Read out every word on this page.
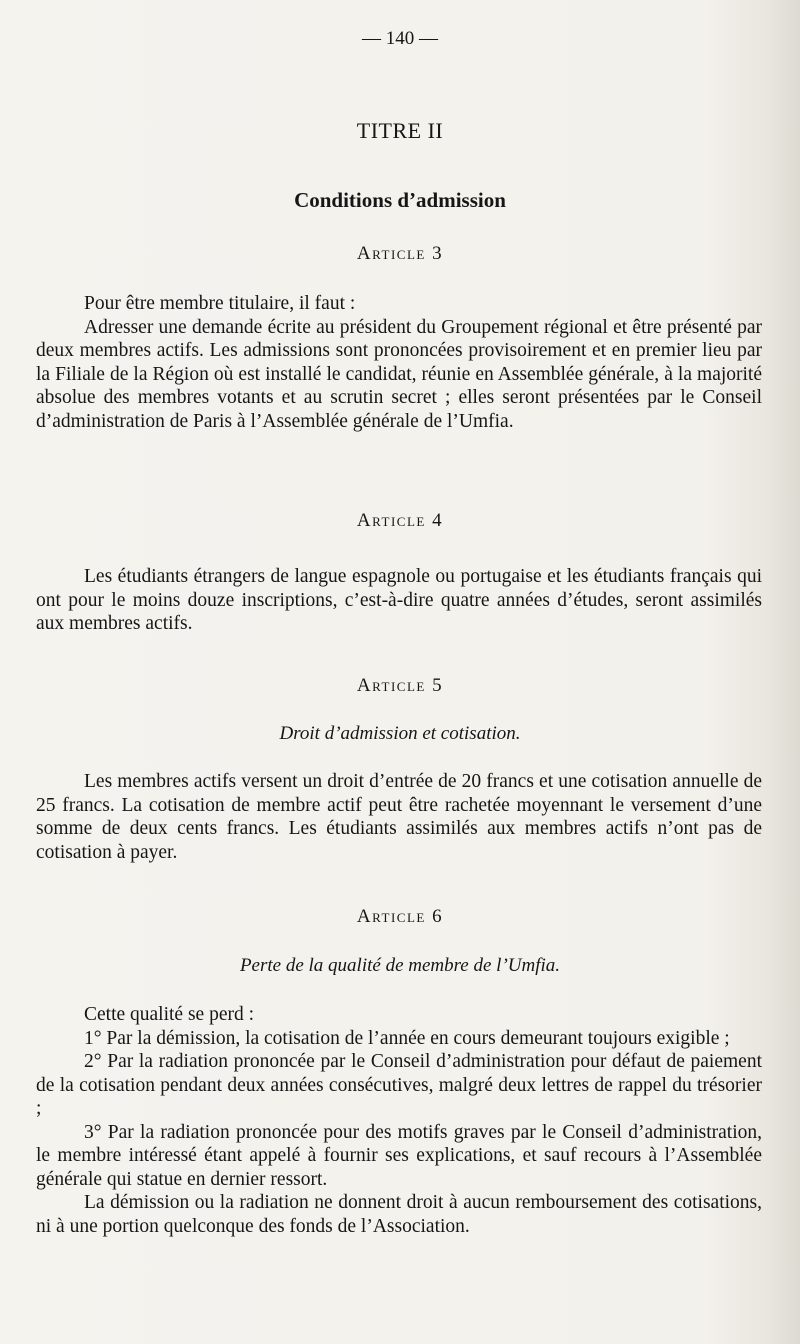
— 140 —
TITRE II
Conditions d’admission
Article 3

Pour être membre titulaire, il faut :

Adresser une demande écrite au président du Groupement régional et être présenté par deux membres actifs. Les admissions sont prononcées provisoirement et en premier lieu par la Filiale de la Région où est installé le candidat, réunie en Assemblée générale, à la majorité absolue des membres votants et au scrutin secret ; elles seront présentées par le Conseil d’administration de Paris à l’Assemblée générale de l’Umfia.

Article 4

Les étudiants étrangers de langue espagnole ou portugaise et les étudiants français qui ont pour le moins douze inscriptions, c’est-à-dire quatre années d’études, seront assimilés aux membres actifs.

Article 5
Droit d’admission et cotisation.

Les membres actifs versent un droit d’entrée de 20 francs et une cotisation annuelle de 25 francs. La cotisation de membre actif peut être rachetée moyennant le versement d’une somme de deux cents francs. Les étudiants assimilés aux membres actifs n’ont pas de cotisation à payer.

Article 6
Perte de la qualité de membre de l’Umfia.

Cette qualité se perd :

1° Par la démission, la cotisation de l’année en cours demeurant toujours exigible ;

2° Par la radiation prononcée par le Conseil d’administration pour défaut de paiement de la cotisation pendant deux années consécutives, malgré deux lettres de rappel du trésorier ;

3° Par la radiation prononcée pour des motifs graves par le Conseil d’administration, le membre intéressé étant appelé à fournir ses explications, et sauf recours à l’Assemblée générale qui statue en dernier ressort.

La démission ou la radiation ne donnent droit à aucun remboursement des cotisations, ni à une portion quelconque des fonds de l’Association.
